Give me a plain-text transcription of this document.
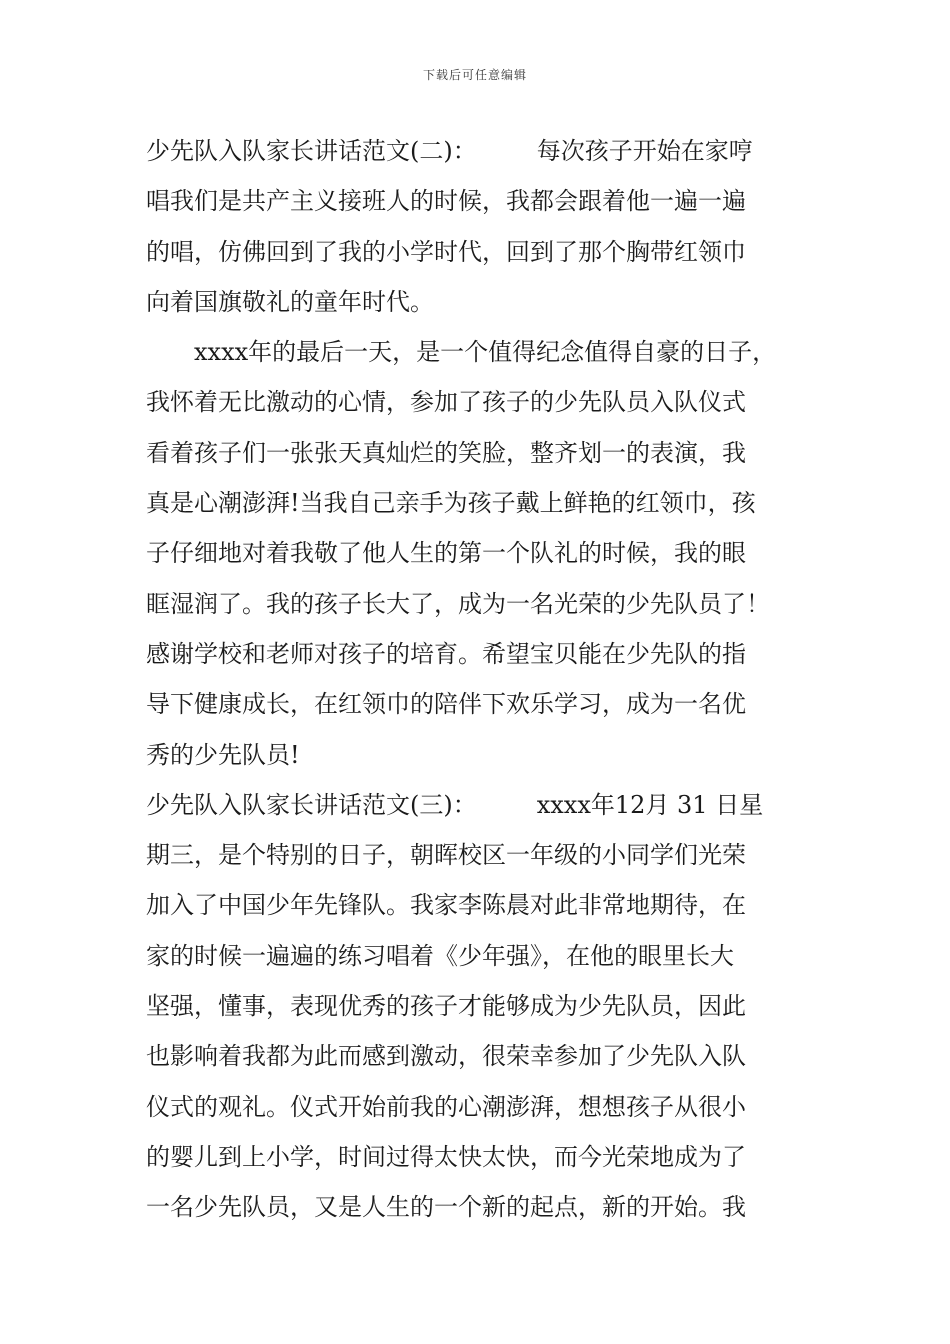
下载后可任意编辑
少先队入队家长讲话范文(二)：　　　每次孩子开始在家哼
唱我们是共产主义接班人的时候，我都会跟着他一遍一遍
的唱，仿佛回到了我的小学时代，回到了那个胸带红领巾
向着国旗敬礼的童年时代。
　　xxxx年的最后一天，是一个值得纪念值得自豪的日子，
我怀着无比激动的心情，参加了孩子的少先队员入队仪式
看着孩子们一张张天真灿烂的笑脸，整齐划一的表演，我
真是心潮澎湃!当我自己亲手为孩子戴上鲜艳的红领巾，孩
子仔细地对着我敬了他人生的第一个队礼的时候，我的眼
眶湿润了。我的孩子长大了，成为一名光荣的少先队员了！
感谢学校和老师对孩子的培育。希望宝贝能在少先队的指
导下健康成长，在红领巾的陪伴下欢乐学习，成为一名优
秀的少先队员!
少先队入队家长讲话范文(三)：　　　xxxx年12月 31 日星
期三，是个特别的日子，朝晖校区一年级的小同学们光荣
加入了中国少年先锋队。我家李陈晨对此非常地期待，在
家的时候一遍遍的练习唱着《少年强》，在他的眼里长大
坚强，懂事，表现优秀的孩子才能够成为少先队员，因此
也影响着我都为此而感到激动，很荣幸参加了少先队入队
仪式的观礼。仪式开始前我的心潮澎湃，想想孩子从很小
的婴儿到上小学，时间过得太快太快，而今光荣地成为了
一名少先队员，又是人生的一个新的起点，新的开始。我
